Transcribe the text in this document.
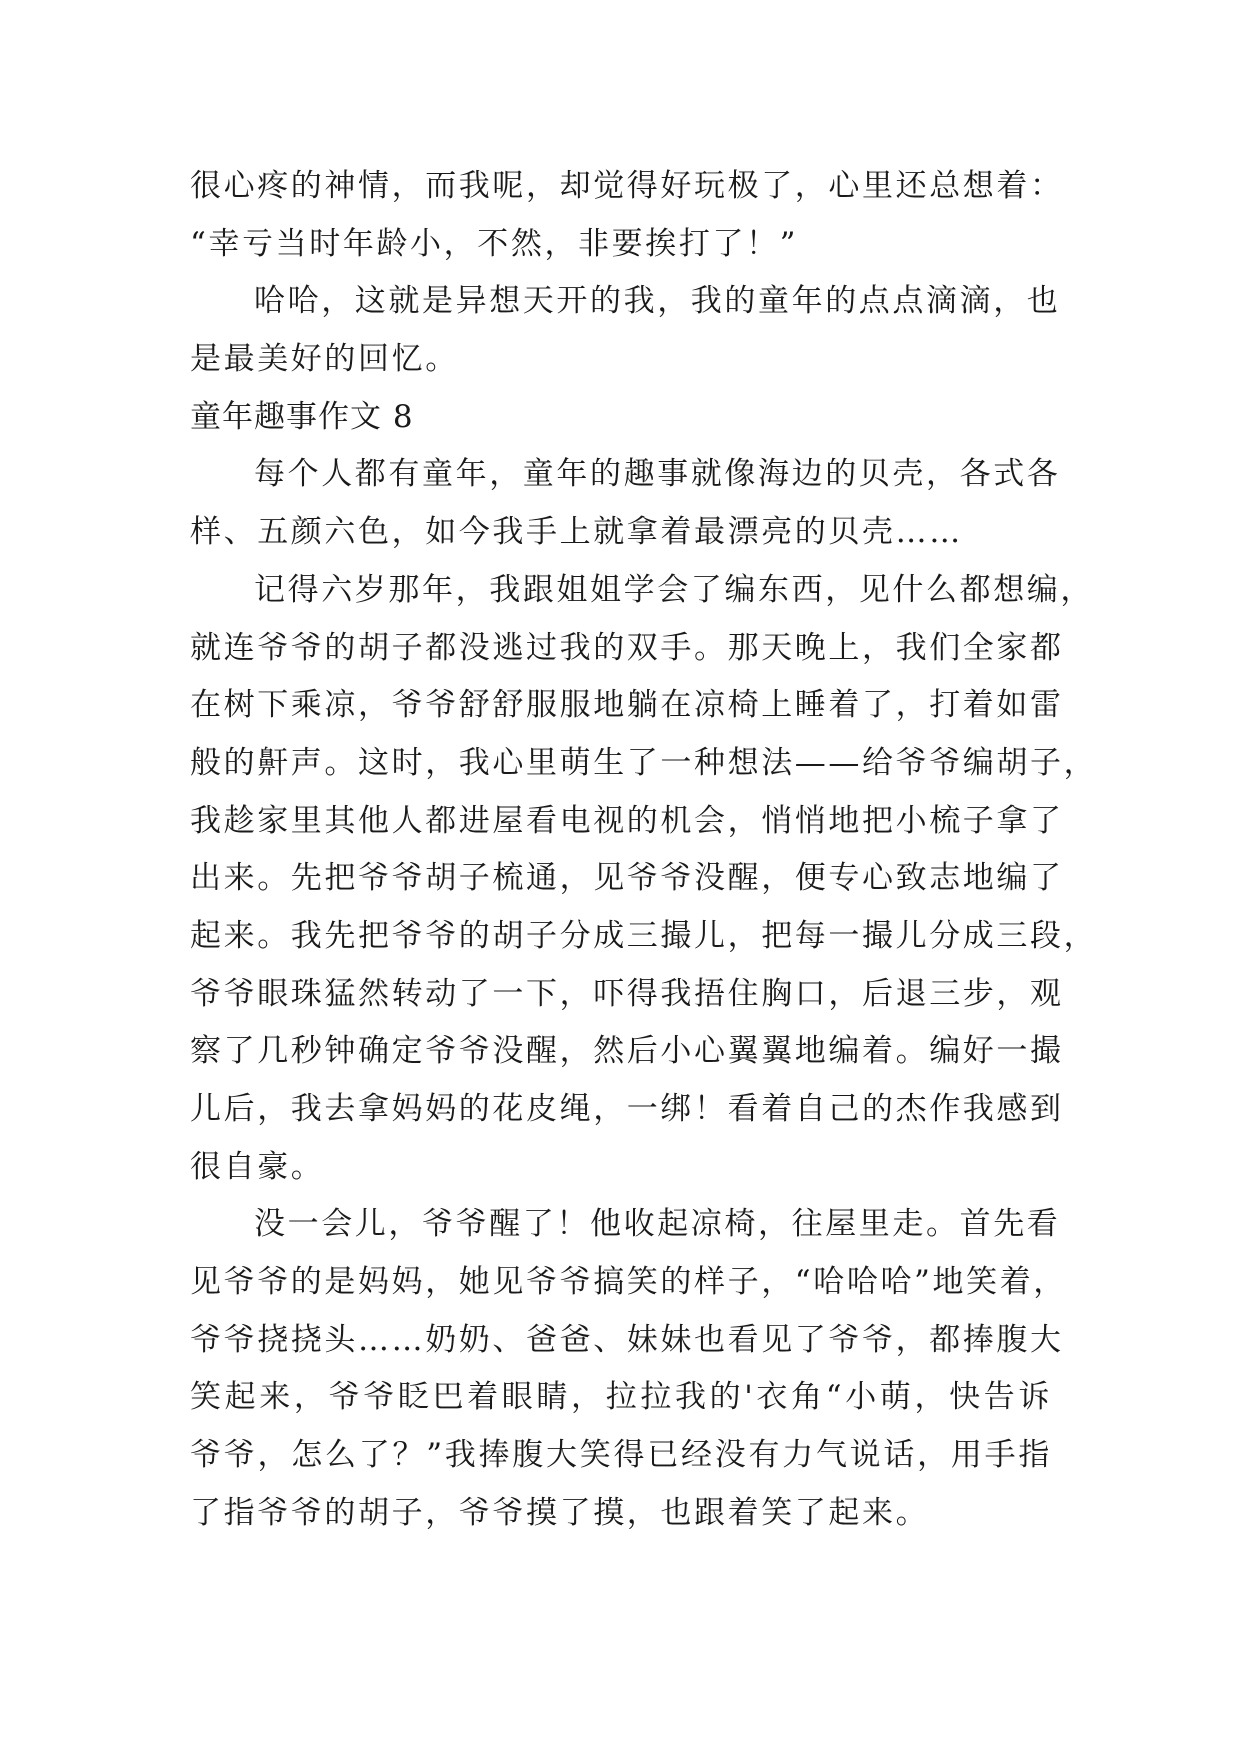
很心疼的神情，而我呢，却觉得好玩极了，心里还总想着：
“幸亏当时年龄小，不然，非要挨打了！”
哈哈，这就是异想天开的我，我的童年的点点滴滴，也
是最美好的回忆。
童年趣事作文 8
每个人都有童年，童年的趣事就像海边的贝壳，各式各
样、五颜六色，如今我手上就拿着最漂亮的贝壳……
记得六岁那年，我跟姐姐学会了编东西，见什么都想编，
就连爷爷的胡子都没逃过我的双手。那天晚上，我们全家都
在树下乘凉，爷爷舒舒服服地躺在凉椅上睡着了，打着如雷
般的鼾声。这时，我心里萌生了一种想法——给爷爷编胡子，
我趁家里其他人都进屋看电视的机会，悄悄地把小梳子拿了
出来。先把爷爷胡子梳通，见爷爷没醒，便专心致志地编了
起来。我先把爷爷的胡子分成三撮儿，把每一撮儿分成三段，
爷爷眼珠猛然转动了一下，吓得我捂住胸口，后退三步，观
察了几秒钟确定爷爷没醒，然后小心翼翼地编着。编好一撮
儿后，我去拿妈妈的花皮绳，一绑！看着自己的杰作我感到
很自豪。
没一会儿，爷爷醒了！他收起凉椅，往屋里走。首先看
见爷爷的是妈妈，她见爷爷搞笑的样子，“哈哈哈”地笑着，
爷爷挠挠头……奶奶、爸爸、妹妹也看见了爷爷，都捧腹大
笑起来，爷爷眨巴着眼睛，拉拉我的'衣角“小萌，快告诉
爷爷，怎么了？”我捧腹大笑得已经没有力气说话，用手指
了指爷爷的胡子，爷爷摸了摸，也跟着笑了起来。
